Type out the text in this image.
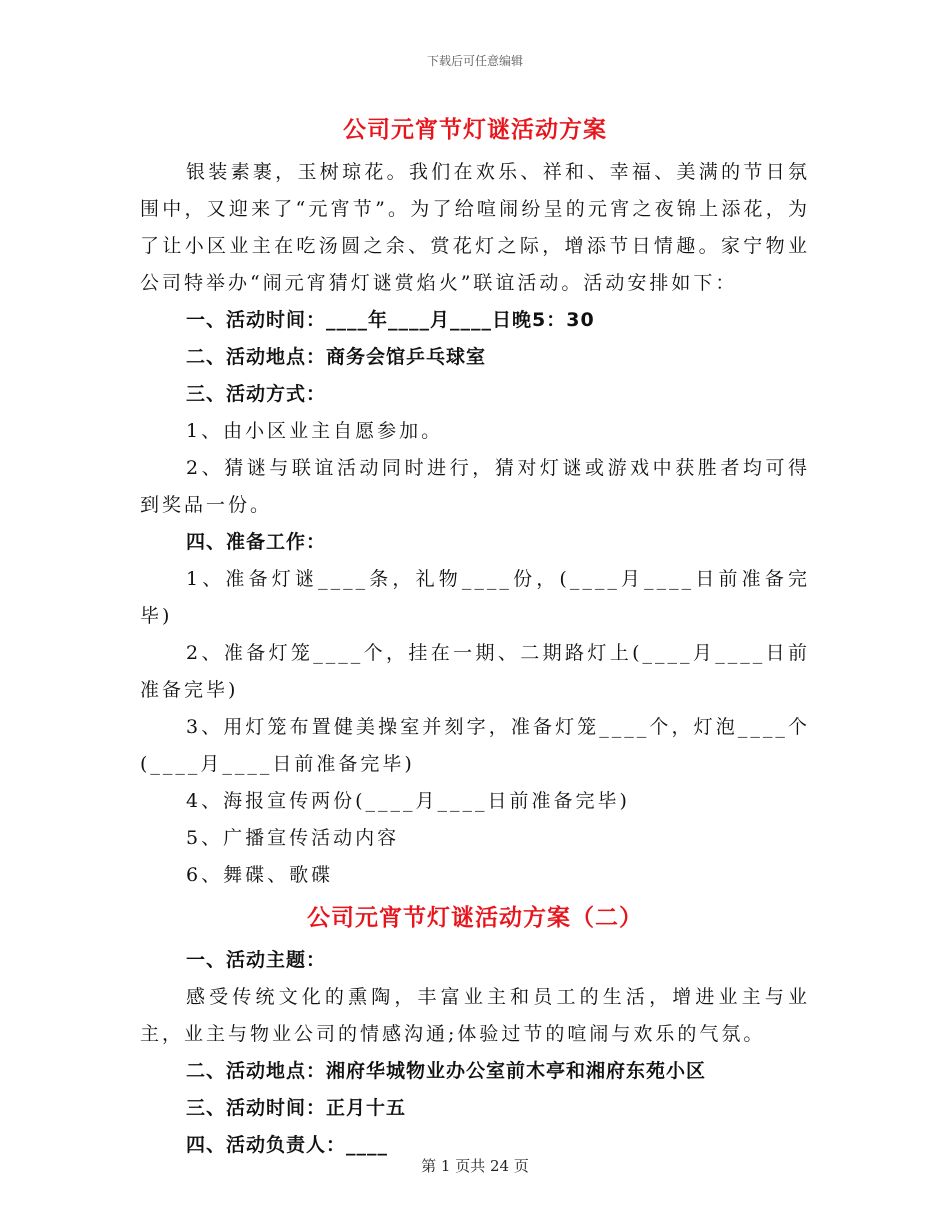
下载后可任意编辑
公司元宵节灯谜活动方案

银装素裹，玉树琼花。我们在欢乐、祥和、幸福、美满的节日氛围中，又迎来了“元宵节”。为了给喧闹纷呈的元宵之夜锦上添花，为了让小区业主在吃汤圆之余、赏花灯之际，增添节日情趣。家宁物业公司特举办“闹元宵猜灯谜赏焰火”联谊活动。活动安排如下：

一、活动时间：____年____月____日晚5：30

二、活动地点：商务会馆乒乓球室

三、活动方式：

1、由小区业主自愿参加。

2、猜谜与联谊活动同时进行，猜对灯谜或游戏中获胜者均可得到奖品一份。

四、准备工作：

1、准备灯谜____条，礼物____份，(____月____日前准备完毕)

2、准备灯笼____个，挂在一期、二期路灯上(____月____日前准备完毕)

3、用灯笼布置健美操室并刻字，准备灯笼____个，灯泡____个(____月____日前准备完毕)

4、海报宣传两份(____月____日前准备完毕)

5、广播宣传活动内容

6、舞碟、歌碟

公司元宵节灯谜活动方案（二）

一、活动主题：

感受传统文化的熏陶，丰富业主和员工的生活，增进业主与业主，业主与物业公司的情感沟通;体验过节的喧闹与欢乐的气氛。

二、活动地点：湘府华城物业办公室前木亭和湘府东苑小区

三、活动时间：正月十五

四、活动负责人：____

第 1 页共 24 页
